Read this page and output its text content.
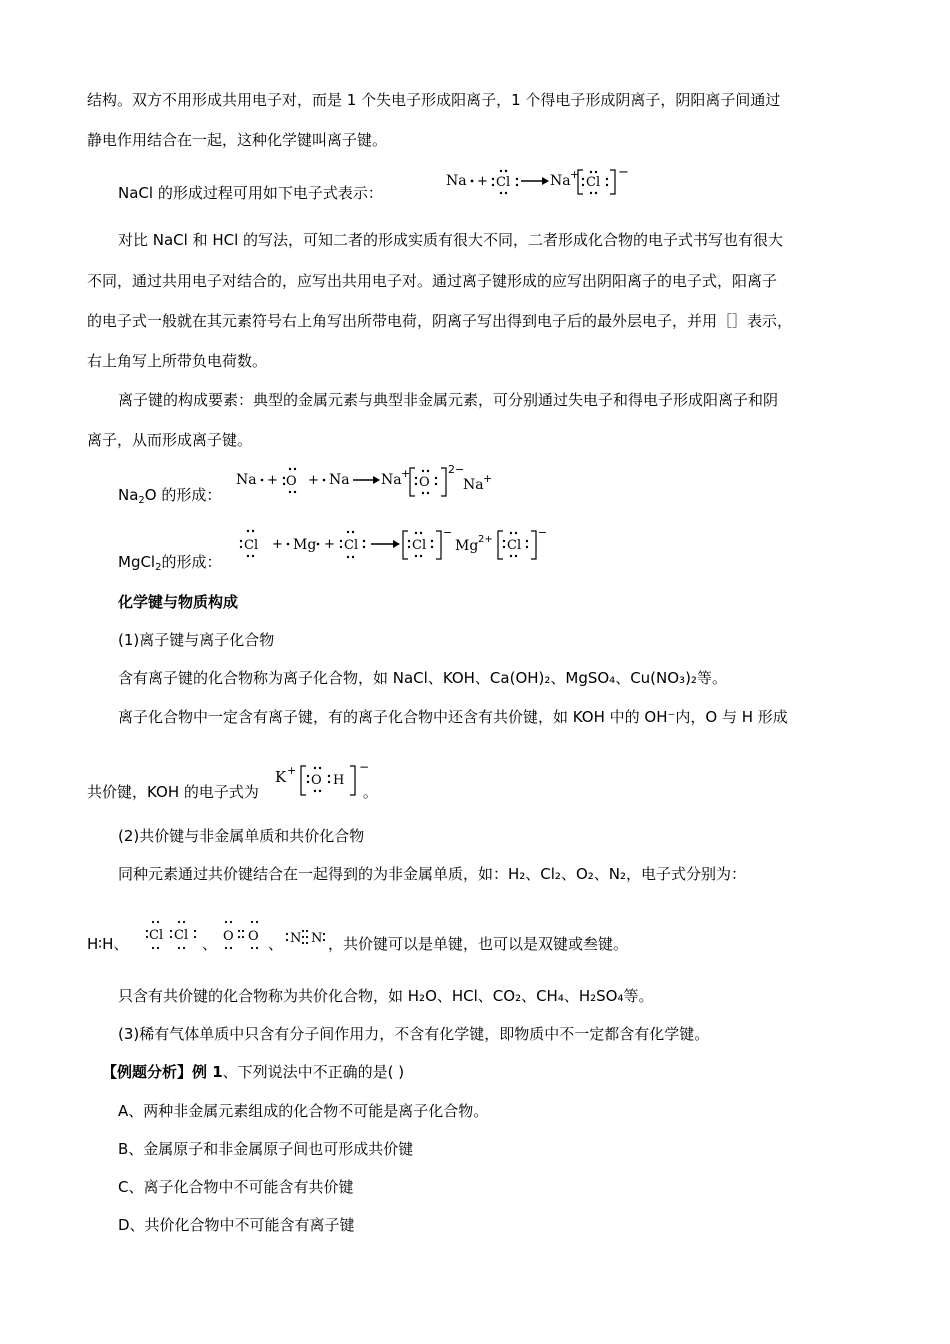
结构。双方不用形成共用电子对，而是 1 个失电子形成阳离子，1 个得电子形成阴离子，阴阳离子间通过
静电作用结合在一起，这种化学键叫离子键。
NaCl 的形成过程可用如下电子式表示：
Na + Cl	Na +
Cl
−
对比 NaCl 和 HCl 的写法，可知二者的形成实质有很大不同，二者形成化合物的电子式书写也有很大
不同，通过共用电子对结合的，应写出共用电子对。通过离子键形成的应写出阴阳离子的电子式，阳离子
的电子式一般就在其元素符号右上角写出所带电荷，阴离子写出得到电子后的最外层电子，并用［］表示，
右上角写上所带负电荷数。
离子键的构成要素：典型的金属元素与典型非金属元素，可分别通过失电子和得电子形成阳离子和阴
离子，从而形成离子键。
$Na_2O$ 的形成：
Na + O + Na Na +
O
2−
Na +
Cl + Mg + Cl	Cl
−
Mg 2+ Cl
−
MgCl$_2$的形成：
化学键与物质构成
(1)离子键与离子化合物
含有离子键的化合物称为离子化合物，如 NaCl、KOH、Ca(OH)₂、MgSO₄、Cu(NO₃)₂等。
离子化合物中一定含有离子键，有的离子化合物中还含有共价键，如 KOH 中的 OH⁻内，O 与 H 形成
共价键，KOH 的电子式为	。
K +
O H
−
(2)共价键与非金属单质和共价化合物
同种元素通过共价键结合在一起得到的为非金属单质，如：H₂、Cl₂、O₂、N₂，电子式分别为：
H∶H、 Cl Cl 、 O O 、 N N ，共价键可以是单键，也可以是双键或叁键。
只含有共价键的化合物称为共价化合物，如 H₂O、HCl、CO₂、CH₄、H₂SO₄等。
(3)稀有气体单质中只含有分子间作用力，不含有化学键，即物质中不一定都含有化学键。
【例题分析】例 1、下列说法中不正确的是( )
A、两种非金属元素组成的化合物不可能是离子化合物。
B、金属原子和非金属原子间也可形成共价键
C、离子化合物中不可能含有共价键
D、共价化合物中不可能含有离子键
